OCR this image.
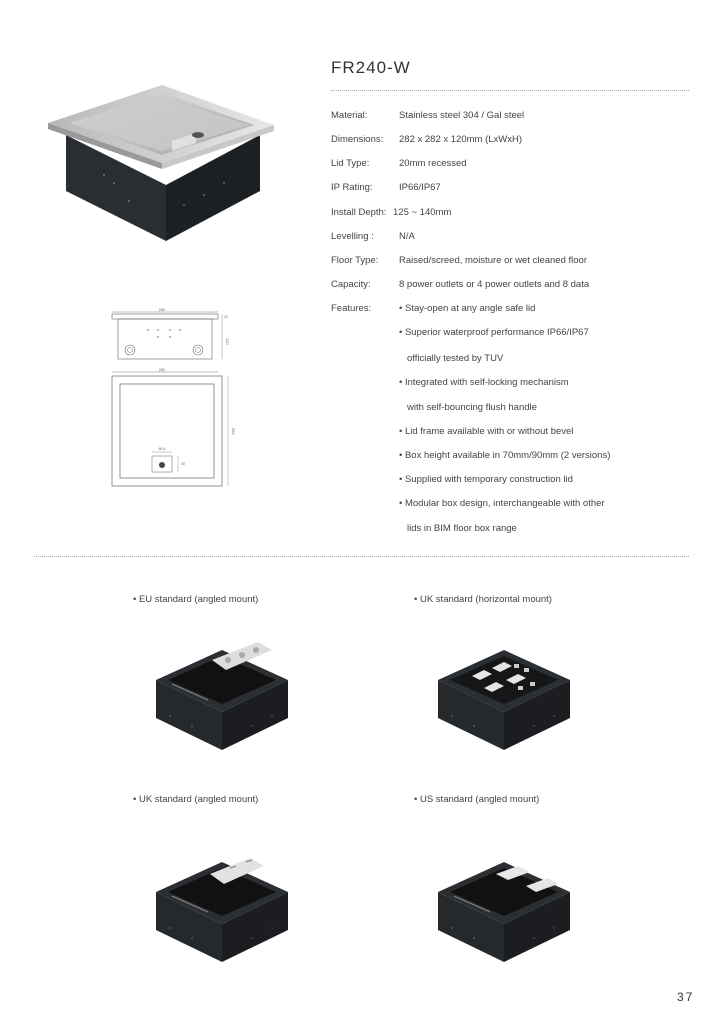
FR240-W
282
120
20
282
282
60.4
30
Material:	Stainless steel 304 / Gal steel
Dimensions: 282 x 282 x 120mm (LxWxH)
Lid Type:	20mm recessed
IP Rating:	IP66/IP67
Install Depth: 125 ~ 140mm
Levelling :	N/A
Floor Type: Raised/screed, moisture or wet cleaned floor
Capacity:	8 power outlets or 4 power outlets and 8 data
Features:	• Stay-open at any angle safe lid
• Superior waterproof performance IP66/IP67
officially tested by TUV
• Integrated with self-locking mechanism
with self-bouncing flush handle
• Lid frame available with or without bevel
• Box height available in 70mm/90mm (2 versions)
• Supplied with temporary construction lid
• Modular box design, interchangeable with other
lids in BIM floor box range
• EU standard (angled mount)	• UK standard (horizontal mount)
• UK standard (angled mount)	• US standard (angled mount)
37
